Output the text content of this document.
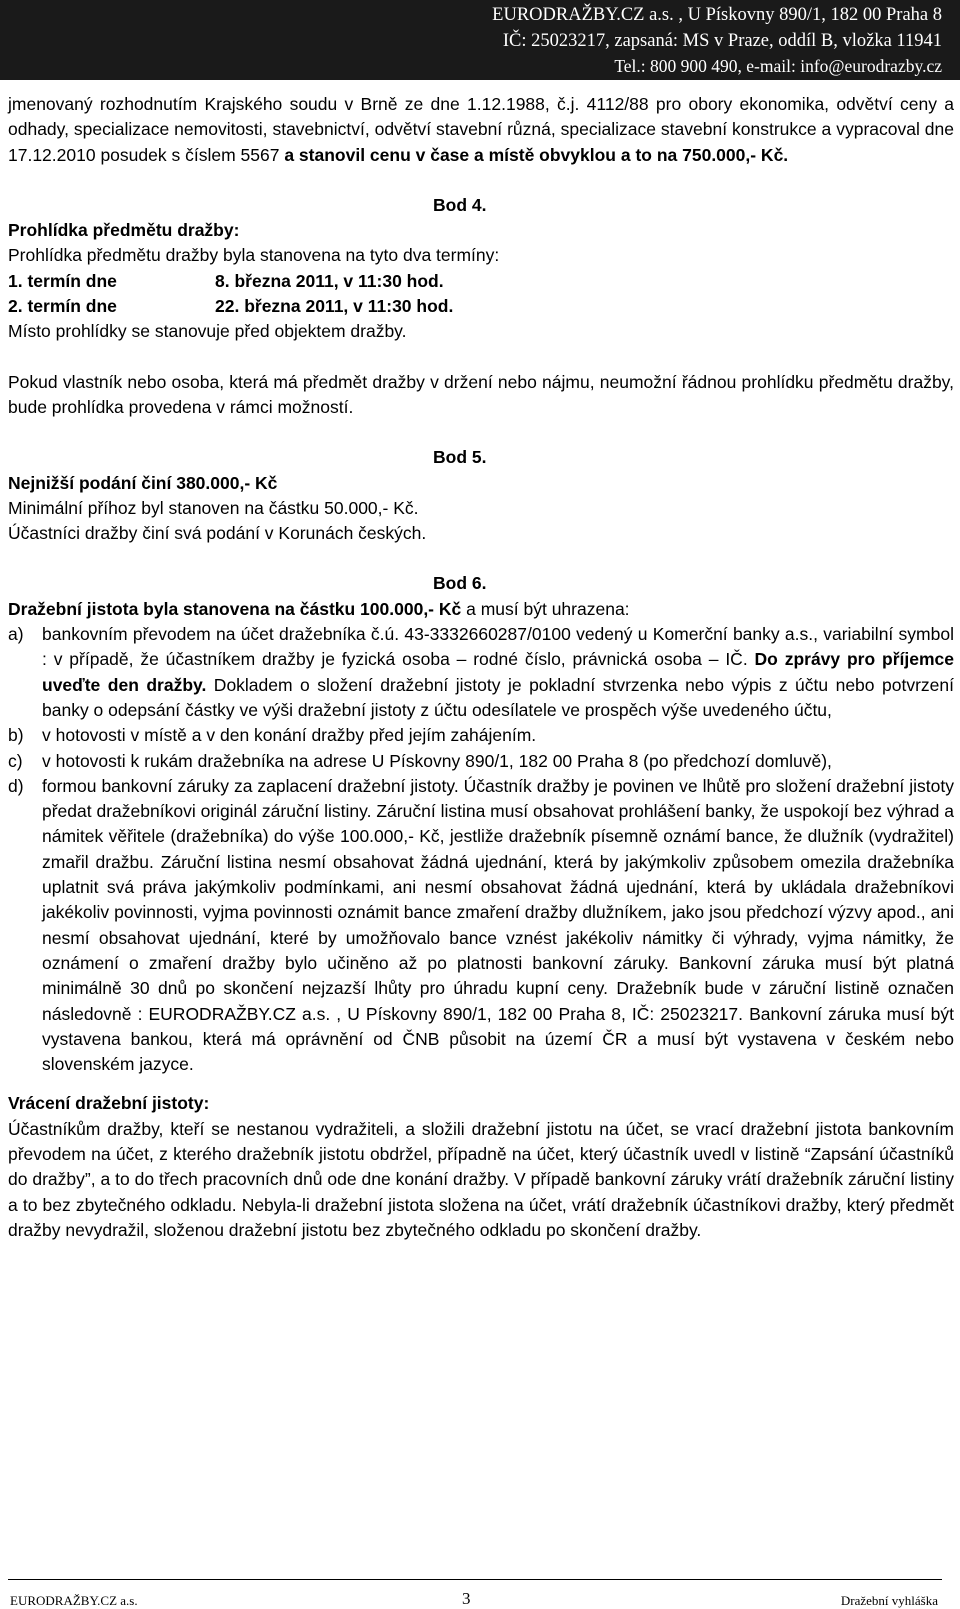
EURODRAŽBY.CZ a.s. , U Pískovny 890/1, 182 00 Praha 8
IČ: 25023217, zapsaná: MS v Praze, oddíl B, vložka 11941
Tel.: 800 900 490, e-mail: info@eurodrazby.cz

jmenovaný rozhodnutím Krajského soudu v Brně ze dne 1.12.1988, č.j. 4112/88 pro obory ekonomika, odvětví ceny a odhady, specializace nemovitosti, stavebnictví, odvětví stavební různá, specializace stavební konstrukce a vypracoval dne 17.12.2010 posudek s číslem 5567 a stanovil cenu v čase a místě obvyklou a to na 750.000,- Kč.

Bod 4.

Prohlídka předmětu dražby:

Prohlídka předmětu dražby byla stanovena na tyto dva termíny:

1. termín dne	8. března 2011, v 11:30 hod.
2. termín dne	22. března 2011, v 11:30 hod.

Místo prohlídky se stanovuje před objektem dražby.

Pokud vlastník nebo osoba, která má předmět dražby v držení nebo nájmu, neumožní řádnou prohlídku předmětu dražby, bude prohlídka provedena v rámci možností.

Bod 5.

Nejnižší podání činí 380.000,- Kč

Minimální příhoz byl stanoven na částku 50.000,- Kč.

Účastníci dražby činí svá podání v Korunách českých.

Bod 6.

Dražební jistota byla stanovena na částku 100.000,- Kč a musí být uhrazena:

a)	bankovním převodem na účet dražebníka č.ú. 43-3332660287/0100 vedený u Komerční banky a.s., variabilní symbol : v případě, že účastníkem dražby je fyzická osoba – rodné číslo, právnická osoba – IČ. Do zprávy pro příjemce uveďte den dražby. Dokladem o složení dražební jistoty je pokladní stvrzenka nebo výpis z účtu nebo potvrzení banky o odepsání částky ve výši dražební jistoty z účtu odesílatele ve prospěch výše uvedeného účtu,
b)	v hotovosti v místě a v den konání dražby před jejím zahájením.
c)	v hotovosti k rukám dražebníka na adrese U Pískovny 890/1, 182 00 Praha 8 (po předchozí domluvě),
d)	formou bankovní záruky za zaplacení dražební jistoty. Účastník dražby je povinen ve lhůtě pro složení dražební jistoty předat dražebníkovi originál záruční listiny. Záruční listina musí obsahovat prohlášení banky, že uspokojí bez výhrad a námitek věřitele (dražebníka) do výše 100.000,- Kč, jestliže dražebník písemně oznámí bance, že dlužník (vydražitel) zmařil dražbu. Záruční listina nesmí obsahovat žádná ujednání, která by jakýmkoliv způsobem omezila dražebníka uplatnit svá práva jakýmkoliv podmínkami, ani nesmí obsahovat žádná ujednání, která by ukládala dražebníkovi jakékoliv povinnosti, vyjma povinnosti oznámit bance zmaření dražby dlužníkem, jako jsou předchozí výzvy apod., ani nesmí obsahovat ujednání, které by umožňovalo bance vznést jakékoliv námitky či výhrady, vyjma námitky, že oznámení o zmaření dražby bylo učiněno až po platnosti bankovní záruky. Bankovní záruka musí být platná minimálně 30 dnů po skončení nejzazší lhůty pro úhradu kupní ceny. Dražebník bude v záruční listině označen následovně : EURODRAŽBY.CZ a.s. , U Pískovny 890/1, 182 00 Praha 8, IČ: 25023217. Bankovní záruka musí být vystavena bankou, která má oprávnění od ČNB působit na území ČR a musí být vystavena v českém nebo slovenském jazyce.

Vrácení dražební jistoty:

Účastníkům dražby, kteří se nestanou vydražiteli, a složili dražební jistotu na účet, se vrací dražební jistota bankovním převodem na účet, z kterého dražebník jistotu obdržel, případně na účet, který účastník uvedl v listině “Zapsání účastníků do dražby”, a to do třech pracovních dnů ode dne konání dražby. V případě bankovní záruky vrátí dražebník záruční listiny a to bez zbytečného odkladu. Nebyla-li dražební jistota složena na účet, vrátí dražebník účastníkovi dražby, který předmět dražby nevydražil, složenou dražební jistotu bez zbytečného odkladu po skončení dražby.

EURODRAŽBY.CZ a.s.	3	Dražební vyhláška
